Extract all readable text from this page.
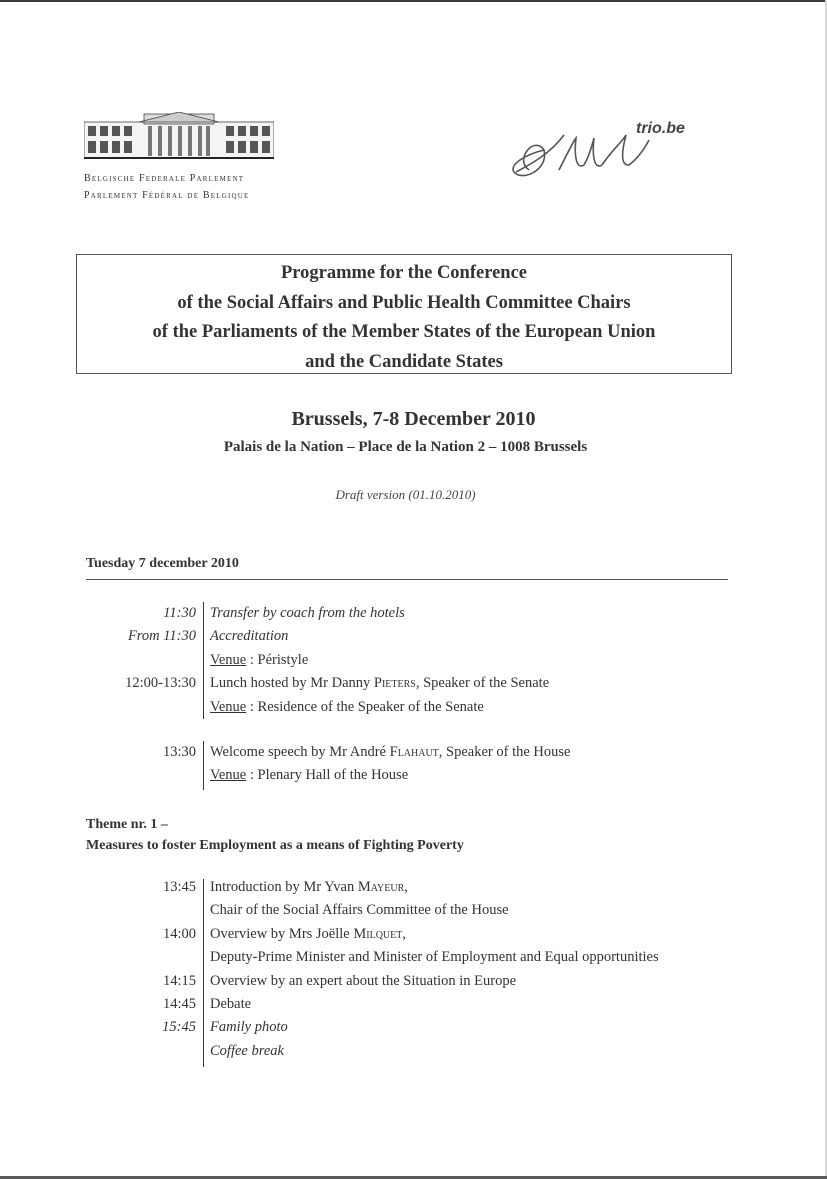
Belgische Federale Parlement
Parlement Fédéral de Belgique
trio.be
Programme for the Conference
of the Social Affairs and Public Health Committee Chairs
of the Parliaments of the Member States of the European Union
and the Candidate States
Brussels, 7-8 December 2010
Palais de la Nation – Place de la Nation 2 – 1008 Brussels
Draft version (01.10.2010)
Tuesday 7 december 2010
11:30 Transfer by coach from the hotels
From 11:30 Accreditation
Venue : Péristyle
12:00-13:30 Lunch hosted by Mr Danny Pieters, Speaker of the Senate
Venue : Residence of the Speaker of the Senate
13:30 Welcome speech by Mr André Flahaut, Speaker of the House
Venue : Plenary Hall of the House
Theme nr. 1 –
Measures to foster Employment as a means of Fighting Poverty
13:45 Introduction by Mr Yvan Mayeur,
Chair of the Social Affairs Committee of the House
14:00 Overview by Mrs Joëlle Milquet,
Deputy-Prime Minister and Minister of Employment and Equal opportunities
14:15 Overview by an expert about the Situation in Europe
14:45 Debate
15:45 Family photo
Coffee break
